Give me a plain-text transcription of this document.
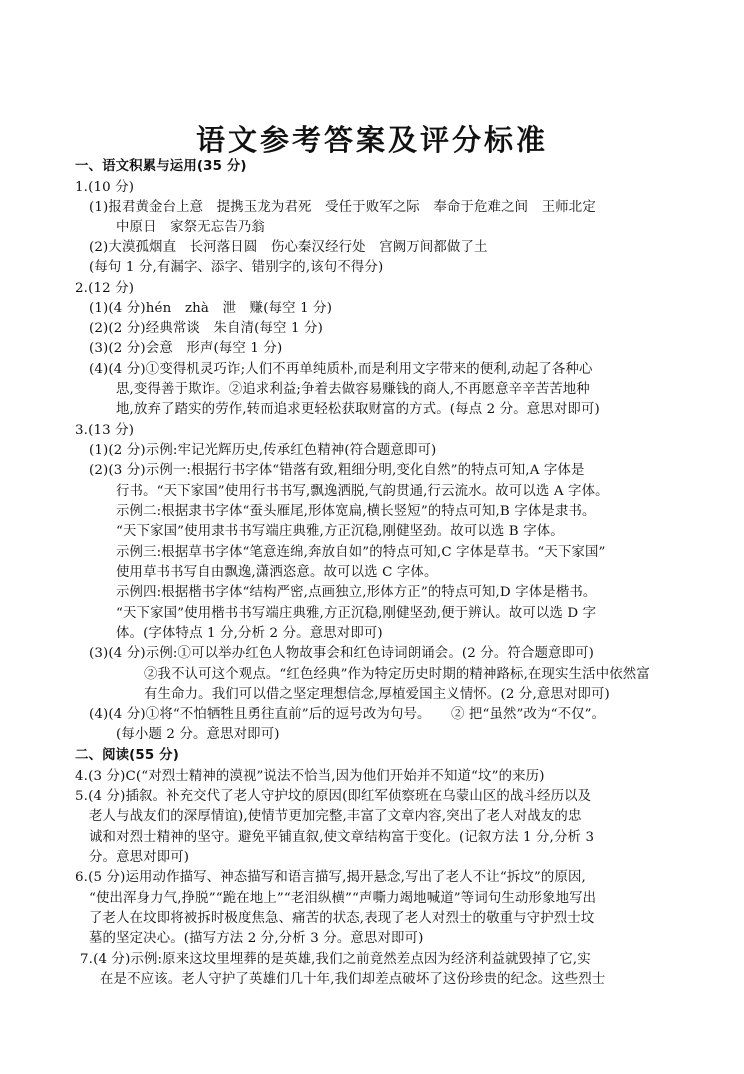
语文参考答案及评分标准
一、语文积累与运用(35 分)
1.(10 分)
(1)报君黄金台上意　提携玉龙为君死　受任于败军之际　奉命于危难之间　王师北定
中原日　家祭无忘告乃翁
(2)大漠孤烟直　长河落日圆　伤心秦汉经行处　宫阙万间都做了土
(每句 1 分,有漏字、添字、错别字的,该句不得分)
2.(12 分)
(1)(4 分)hén　zhà　泄　赚(每空 1 分)
(2)(2 分)经典常谈　朱自清(每空 1 分)
(3)(2 分)会意　形声(每空 1 分)
(4)(4 分)①变得机灵巧诈;人们不再单纯质朴,而是利用文字带来的便利,动起了各种心
思,变得善于欺诈。②追求利益;争着去做容易赚钱的商人,不再愿意辛辛苦苦地种
地,放弃了踏实的劳作,转而追求更轻松获取财富的方式。(每点 2 分。意思对即可)
3.(13 分)
(1)(2 分)示例:牢记光辉历史,传承红色精神(符合题意即可)
(2)(3 分)示例一:根据行书字体“错落有致,粗细分明,变化自然”的特点可知,A 字体是
行书。“天下家国”使用行书书写,飘逸洒脱,气韵贯通,行云流水。故可以选 A 字体。
示例二:根据隶书字体“蚕头雁尾,形体宽扁,横长竖短”的特点可知,B 字体是隶书。
“天下家国”使用隶书书写端庄典雅,方正沉稳,刚健坚劲。故可以选 B 字体。
示例三:根据草书字体“笔意连绵,奔放自如”的特点可知,C 字体是草书。“天下家国”
使用草书书写自由飘逸,潇洒恣意。故可以选 C 字体。
示例四:根据楷书字体“结构严密,点画独立,形体方正”的特点可知,D 字体是楷书。
“天下家国”使用楷书书写端庄典雅,方正沉稳,刚健坚劲,便于辨认。故可以选 D 字
体。(字体特点 1 分,分析 2 分。意思对即可)
(3)(4 分)示例:①可以举办红色人物故事会和红色诗词朗诵会。(2 分。符合题意即可)
②我不认可这个观点。“红色经典”作为特定历史时期的精神路标,在现实生活中依然富
有生命力。我们可以借之坚定理想信念,厚植爱国主义情怀。(2 分,意思对即可)
(4)(4 分)①将“不怕牺牲且勇往直前”后的逗号改为句号。　　② 把“虽然”改为“不仅”。
(每小题 2 分。意思对即可)
二、阅读(55 分)
4.(3 分)C(“对烈士精神的漠视”说法不恰当,因为他们开始并不知道“坟”的来历)
5.(4 分)插叙。补充交代了老人守护坟的原因(即红军侦察班在乌蒙山区的战斗经历以及
老人与战友们的深厚情谊),使情节更加完整,丰富了文章内容,突出了老人对战友的忠
诚和对烈士精神的坚守。避免平铺直叙,使文章结构富于变化。(记叙方法 1 分,分析 3
分。意思对即可)
6.(5 分)运用动作描写、神态描写和语言描写,揭开悬念,写出了老人不让“拆坟”的原因,
“使出浑身力气,挣脱”“跪在地上”“老泪纵横”“声嘶力竭地喊道”等词句生动形象地写出
了老人在坟即将被拆时极度焦急、痛苦的状态,表现了老人对烈士的敬重与守护烈士坟
墓的坚定决心。(描写方法 2 分,分析 3 分。意思对即可)
7.(4 分)示例:原来这坟里埋葬的是英雄,我们之前竟然差点因为经济利益就毁掉了它,实
在是不应该。老人守护了英雄们几十年,我们却差点破坏了这份珍贵的纪念。这些烈士
